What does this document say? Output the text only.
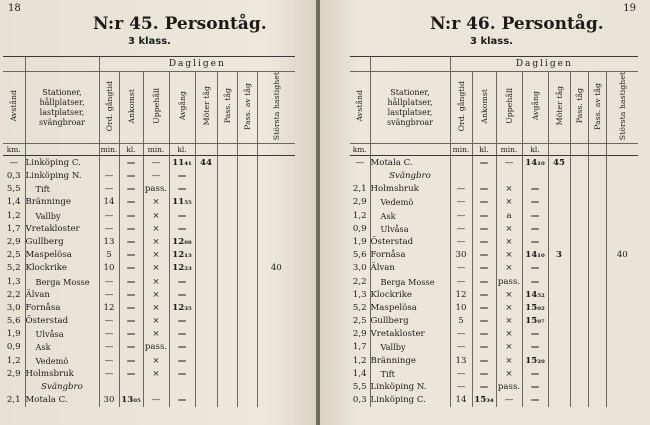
18
N:r 45. Persontåg.
3 klass.
		Dagligen							
Avstånd	Stationer,
hållplatser,
lastplatser,
svängbroar	Ord. gångtid	Ankomst	Uppehåll	Avgång	Möter tåg	Pass. tåg	Pass. av tåg	Största hastighet
km.		min.	kl.	min.	kl.				
—	Linköping C.		—	—	11₄₁	44			
0,3	Linköping N.	—	—	—	—				
5,5	Tift	—	—	pass.	—				
1,4	Bränninge	14	—	×	11₅₅				
1,2	Vallby	—	—	×	—				
1,7	Vretakloster	—	—	×	—				
2,9	Gullberg	13	—	×	12₀₈				
2,5	Maspelösa	5	—	×	12₁₃				
5,2	Klockrike	10	—	×	12₂₃				40
1,3	Berga Mosse	—	—	×	—				
2,2	Älvan	—	—	×	—				
3,0	Fornåsa	12	—	×	12₃₅				
5,6	Österstad	—	—	×	—				
1,9	Ulvåsa	—	—	×	—				
0,9	Ask	—	—	pass.	—				
1,2	Vedemö	—	—	×	—				
2,9	Holmsbruk	—	—	×	—				
	Svängbro								
2,1	Motala C.	30	13₀₅	—	—				
19
N:r 46. Persontåg.
3 klass.
		Dagligen							
Avstånd	Stationer,
hållplatser,
lastplatser,
svängbroar	Ord. gångtid	Ankomst	Uppehåll	Avgång	Möter tåg	Pass. tåg	Pass. av tåg	Största hastighet
km.		min.	kl.	min.	kl.				
—	Motala C.		—	—	14₁₀	45			
	Svängbro								
2,1	Holmsbruk	—	—	×	—				
2,9	Vedemö	—	—	×	—				
1,2	Ask	—	—	a	—				
0,9	Ulvåsa	—	—	×	—				
1,9	Österstad	—	—	×	—				
5,6	Fornåsa	30	—	×	14₁₀	3			40
3,0	Älvan	—	—	×	—				
2,2	Berga Mosse	—	—	pass.	—				
1,3	Klockrike	12	—	×	14₅₂				
5,2	Maspelösa	10	—	×	15₀₂				
2,5	Gullberg	5	—	×	15₀₇				
2,9	Vretakloster	—	—	×	—				
1,7	Vallby	—	—	×	—				
1,2	Bränninge	13	—	×	15₂₀				
1,4	Tift	—	—	×	—				
5,5	Linköping N.	—	—	pass.	—				
0,3	Linköping C.	14	15₃₄	—	—				
